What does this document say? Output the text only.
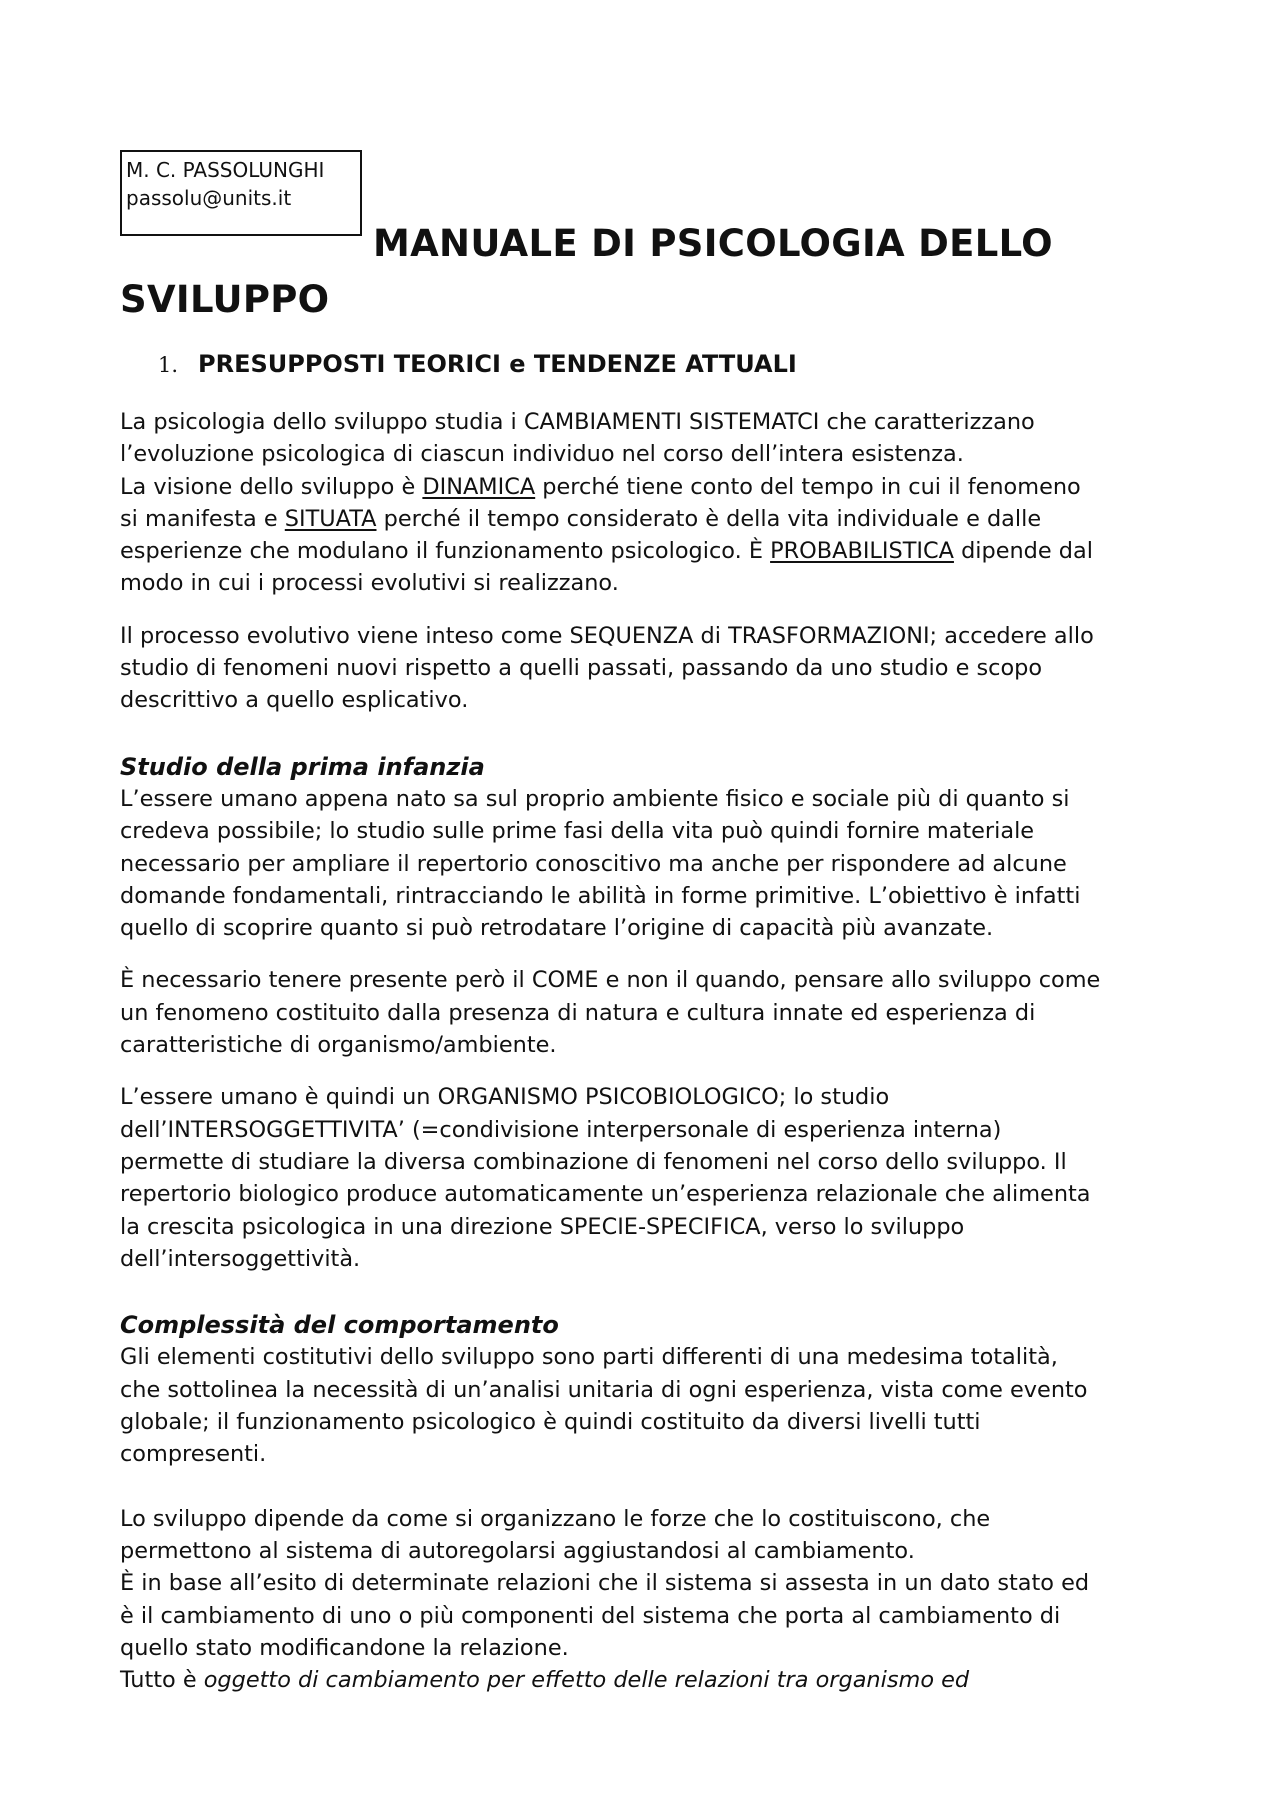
M. C. PASSOLUNGHI
passolu@units.it
MANUALE DI PSICOLOGIA DELLO
SVILUPPO
1. PRESUPPOSTI TEORICI e TENDENZE ATTUALI

La psicologia dello sviluppo studia i CAMBIAMENTI SISTEMATCI che caratterizzano

l’evoluzione psicologica di ciascun individuo nel corso dell’intera esistenza.

La visione dello sviluppo è DINAMICA perché tiene conto del tempo in cui il fenomeno

si manifesta e SITUATA perché il tempo considerato è della vita individuale e dalle

esperienze che modulano il funzionamento psicologico. È PROBABILISTICA dipende dal

modo in cui i processi evolutivi si realizzano.

Il processo evolutivo viene inteso come SEQUENZA di TRASFORMAZIONI; accedere allo

studio di fenomeni nuovi rispetto a quelli passati, passando da uno studio e scopo

descrittivo a quello esplicativo.

Studio della prima infanzia

L’essere umano appena nato sa sul proprio ambiente fisico e sociale più di quanto si

credeva possibile; lo studio sulle prime fasi della vita può quindi fornire materiale

necessario per ampliare il repertorio conoscitivo ma anche per rispondere ad alcune

domande fondamentali, rintracciando le abilità in forme primitive. L’obiettivo è infatti

quello di scoprire quanto si può retrodatare l’origine di capacità più avanzate.

È necessario tenere presente però il COME e non il quando, pensare allo sviluppo come

un fenomeno costituito dalla presenza di natura e cultura innate ed esperienza di

caratteristiche di organismo/ambiente.

L’essere umano è quindi un ORGANISMO PSICOBIOLOGICO; lo studio

dell’INTERSOGGETTIVITA’ (=condivisione interpersonale di esperienza interna)

permette di studiare la diversa combinazione di fenomeni nel corso dello sviluppo. Il

repertorio biologico produce automaticamente un’esperienza relazionale che alimenta

la crescita psicologica in una direzione SPECIE-SPECIFICA, verso lo sviluppo

dell’intersoggettività.

Complessità del comportamento

Gli elementi costitutivi dello sviluppo sono parti differenti di una medesima totalità,

che sottolinea la necessità di un’analisi unitaria di ogni esperienza, vista come evento

globale; il funzionamento psicologico è quindi costituito da diversi livelli tutti

compresenti.

Lo sviluppo dipende da come si organizzano le forze che lo costituiscono, che

permettono al sistema di autoregolarsi aggiustandosi al cambiamento.

È in base all’esito di determinate relazioni che il sistema si assesta in un dato stato ed

è il cambiamento di uno o più componenti del sistema che porta al cambiamento di

quello stato modificandone la relazione.

Tutto è oggetto di cambiamento per effetto delle relazioni tra organismo ed
